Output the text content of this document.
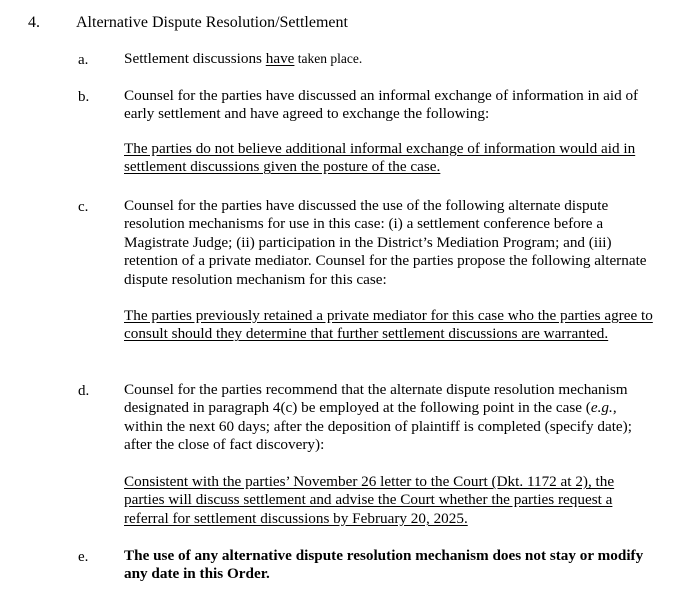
4. Alternative Dispute Resolution/Settlement
a. Settlement discussions have taken place.

b. Counsel for the parties have discussed an informal exchange of information in aid of early settlement and have agreed to exchange the following:
The parties do not believe additional informal exchange of information would aid in settlement discussions given the posture of the case.
c. Counsel for the parties have discussed the use of the following alternate dispute resolution mechanisms for use in this case: (i) a settlement conference before a Magistrate Judge; (ii) participation in the District’s Mediation Program; and (iii) retention of a private mediator. Counsel for the parties propose the following alternate dispute resolution mechanism for this case:
The parties previously retained a private mediator for this case who the parties agree to consult should they determine that further settlement discussions are warranted.
d. Counsel for the parties recommend that the alternate dispute resolution mechanism designated in paragraph 4(c) be employed at the following point in the case (e.g., within the next 60 days; after the deposition of plaintiff is completed (specify date); after the close of fact discovery):

Consistent with the parties’ November 26 letter to the Court (Dkt. 1172 at 2), the parties will discuss settlement and advise the Court whether the parties request a referral for settlement discussions by February 20, 2025.
e. The use of any alternative dispute resolution mechanism does not stay or modify any date in this Order.
